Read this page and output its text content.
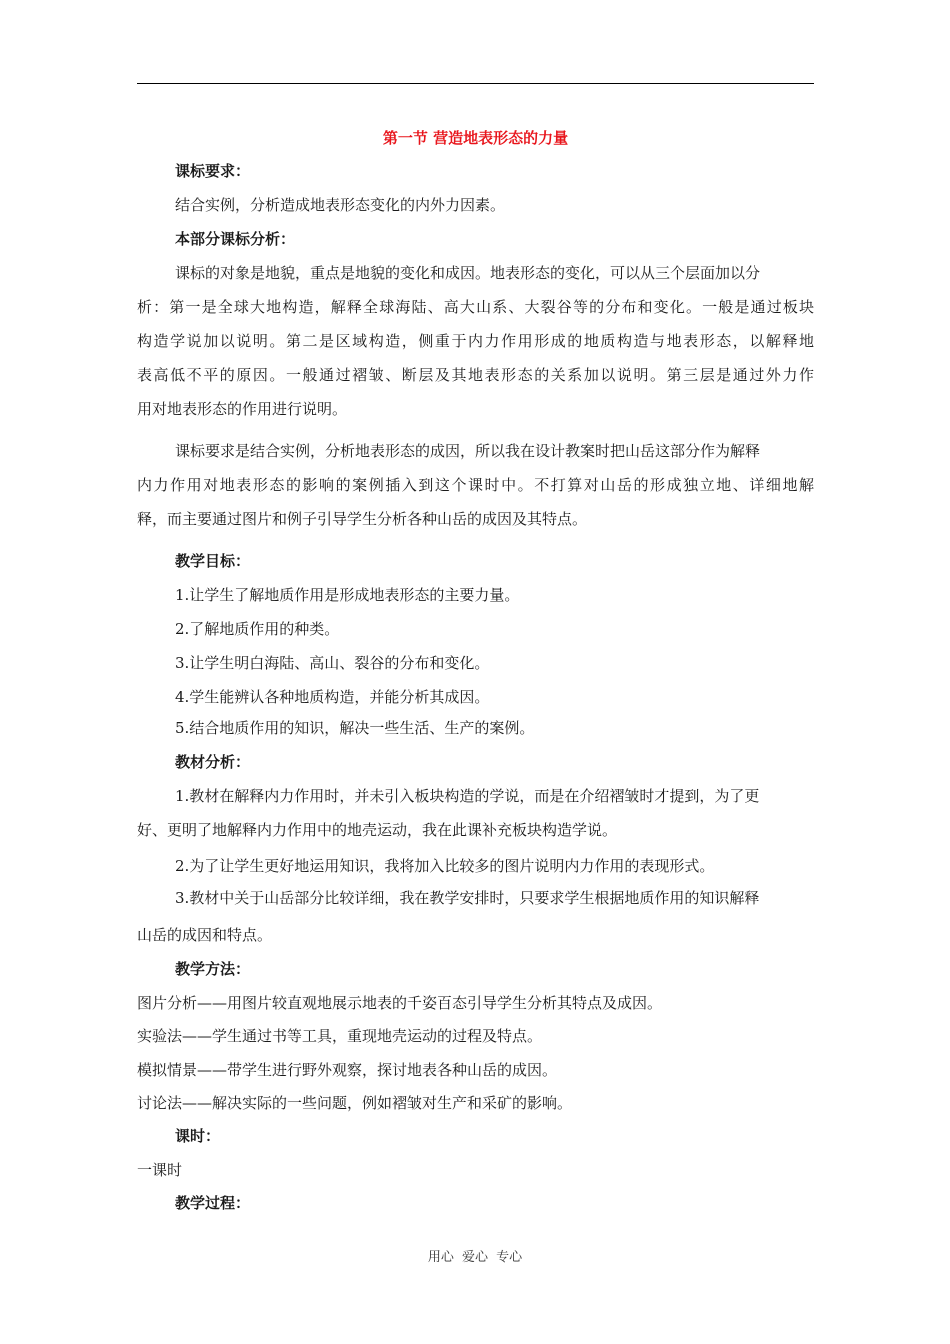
第一节 营造地表形态的力量
课标要求：
结合实例，分析造成地表形态变化的内外力因素。
本部分课标分析：
课标的对象是地貌，重点是地貌的变化和成因。地表形态的变化，可以从三个层面加以分
析：第一是全球大地构造，解释全球海陆、高大山系、大裂谷等的分布和变化。一般是通过板块
构造学说加以说明。第二是区域构造，侧重于内力作用形成的地质构造与地表形态，以解释地
表高低不平的原因。一般通过褶皱、断层及其地表形态的关系加以说明。第三层是通过外力作
用对地表形态的作用进行说明。
课标要求是结合实例，分析地表形态的成因，所以我在设计教案时把山岳这部分作为解释
内力作用对地表形态的影响的案例插入到这个课时中。不打算对山岳的形成独立地、详细地解
释，而主要通过图片和例子引导学生分析各种山岳的成因及其特点。
教学目标：
1.让学生了解地质作用是形成地表形态的主要力量。
2.了解地质作用的种类。
3.让学生明白海陆、高山、裂谷的分布和变化。
4.学生能辨认各种地质构造，并能分析其成因。
5.结合地质作用的知识，解决一些生活、生产的案例。
教材分析：
1.教材在解释内力作用时，并未引入板块构造的学说，而是在介绍褶皱时才提到，为了更
好、更明了地解释内力作用中的地壳运动，我在此课补充板块构造学说。
2.为了让学生更好地运用知识，我将加入比较多的图片说明内力作用的表现形式。
3.教材中关于山岳部分比较详细，我在教学安排时，只要求学生根据地质作用的知识解释
山岳的成因和特点。
教学方法：
图片分析——用图片较直观地展示地表的千姿百态引导学生分析其特点及成因。
实验法——学生通过书等工具，重现地壳运动的过程及特点。
模拟情景——带学生进行野外观察，探讨地表各种山岳的成因。
讨论法——解决实际的一些问题，例如褶皱对生产和采矿的影响。
课时：
一课时
教学过程：
用心 爱心 专心
